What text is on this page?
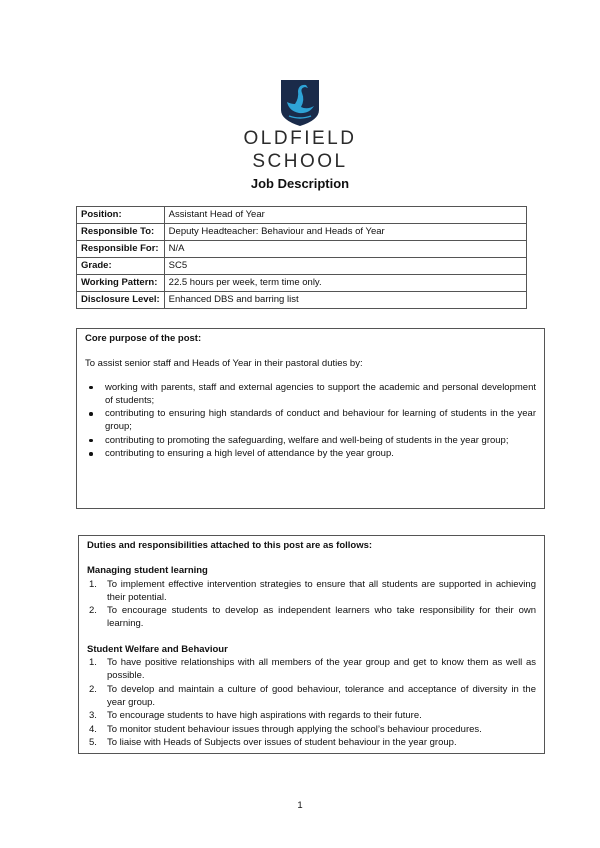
OLDFIELD
SCHOOL
Job Description
Position:	Assistant Head of Year
Responsible To:	Deputy Headteacher: Behaviour and Heads of Year
Responsible For:	N/A
Grade:	SC5
Working Pattern:	22.5 hours per week, term time only.
Disclosure Level:	Enhanced DBS and barring list
Core purpose of the post:
To assist senior staff and Heads of Year in their pastoral duties by:
working with parents, staff and external agencies to support the academic and personal development of students;
contributing to ensuring high standards of conduct and behaviour for learning of students in the year group;
contributing to promoting the safeguarding, welfare and well-being of students in the year group;
contributing to ensuring a high level of attendance by the year group.
Duties and responsibilities attached to this post are as follows:
Managing student learning
1. To implement effective intervention strategies to ensure that all students are supported in achieving their potential.
2. To encourage students to develop as independent learners who take responsibility for their own learning.
Student Welfare and Behaviour
1. To have positive relationships with all members of the year group and get to know them as well as possible.
2. To develop and maintain a culture of good behaviour, tolerance and acceptance of diversity in the year group.
3. To encourage students to have high aspirations with regards to their future.
4. To monitor student behaviour issues through applying the school’s behaviour procedures.
5. To liaise with Heads of Subjects over issues of student behaviour in the year group.
1
